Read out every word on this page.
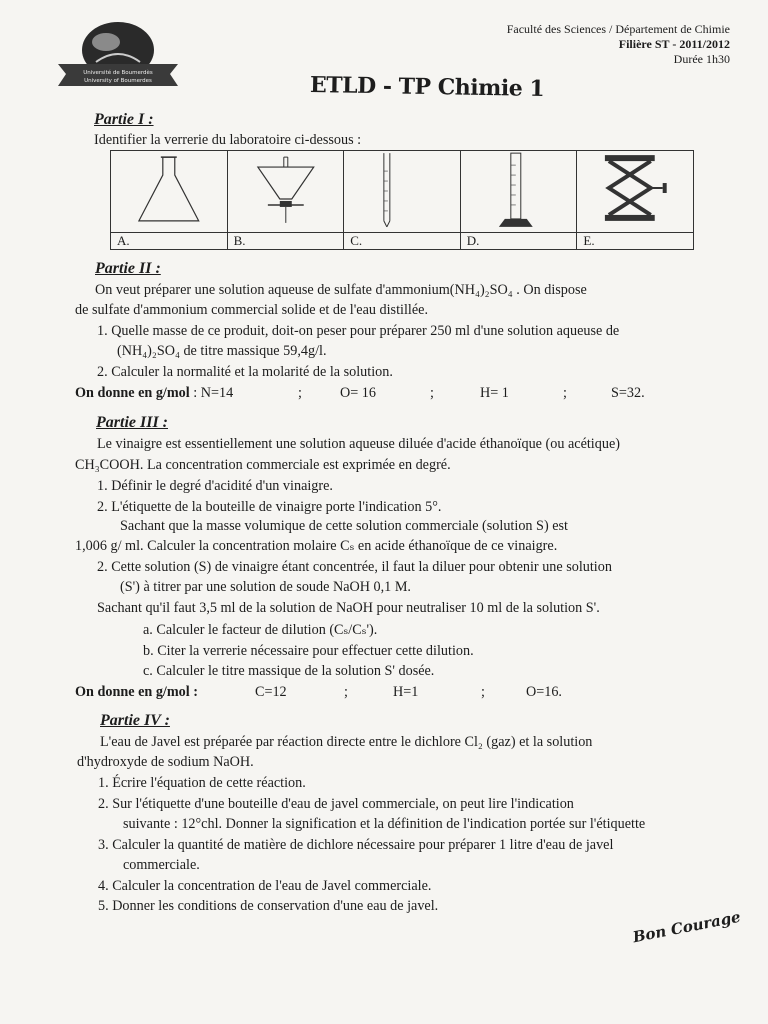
Université de Boumerdès
University of Boumerdes
Faculté des Sciences / Département de Chimie
Filière ST - 2011/2012
Durée 1h30
ETLD - TP Chimie 1
Partie I :
Identifier la verrerie du laboratoire ci-dessous :
A.	B.	C.	D.	E.
Partie II :
On veut préparer une solution aqueuse de sulfate d'ammonium(NH₄)₂SO₄ . On dispose
de sulfate d'ammonium commercial solide et de l'eau distillée.
1. Quelle masse de ce produit, doit-on peser pour préparer 250 ml d'une solution aqueuse de
(NH₄)₂SO₄ de titre massique 59,4g/l.
2. Calculer la normalité et la molarité de la solution.
On donne en g/mol : N=14	;	O= 16	;	H= 1	;	S=32.
Partie III :
Le vinaigre est essentiellement une solution aqueuse diluée d'acide éthanoïque (ou acétique)
CH₃COOH. La concentration commerciale est exprimée en degré.
1. Définir le degré d'acidité d'un vinaigre.
2. L'étiquette de la bouteille de vinaigre porte l'indication 5°.
Sachant que la masse volumique de cette solution commerciale (solution S) est
1,006 g/ ml. Calculer la concentration molaire Cₛ en acide éthanoïque de ce vinaigre.
2. Cette solution (S) de vinaigre étant concentrée, il faut la diluer pour obtenir une solution
(S') à titrer par une solution de soude NaOH 0,1 M.
Sachant qu'il faut 3,5 ml de la solution de NaOH pour neutraliser 10 ml de la solution S'.
a. Calculer le facteur de dilution (Cₛ/Cₛ').
b. Citer la verrerie nécessaire pour effectuer cette dilution.
c. Calculer le titre massique de la solution S' dosée.
On donne en g/mol :	C=12	;	H=1	;	O=16.
Partie IV :
L'eau de Javel est préparée par réaction directe entre le dichlore Cl₂ (gaz) et la solution
d'hydroxyde de sodium NaOH.
1. Écrire l'équation de cette réaction.
2. Sur l'étiquette d'une bouteille d'eau de javel commerciale, on peut lire l'indication
suivante : 12°chl. Donner la signification et la définition de l'indication portée sur l'étiquette
3. Calculer la quantité de matière de dichlore nécessaire pour préparer 1 litre d'eau de javel
commerciale.
4. Calculer la concentration de l'eau de Javel commerciale.
5. Donner les conditions de conservation d'une eau de javel.
Bon Courage
